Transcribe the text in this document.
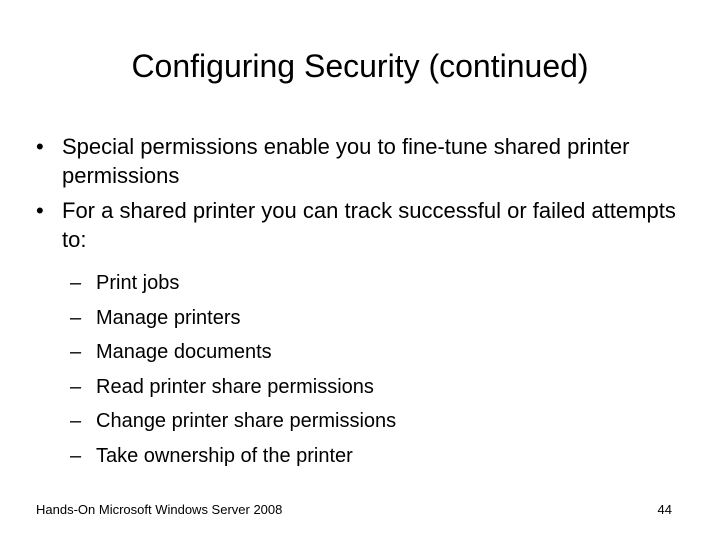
Configuring Security (continued)
• Special permissions enable you to fine-tune shared printer permissions
• For a shared printer you can track successful or failed attempts to:
– Print jobs
– Manage printers
– Manage documents
– Read printer share permissions
– Change printer share permissions
– Take ownership of the printer
Hands-On Microsoft Windows Server 2008	44
